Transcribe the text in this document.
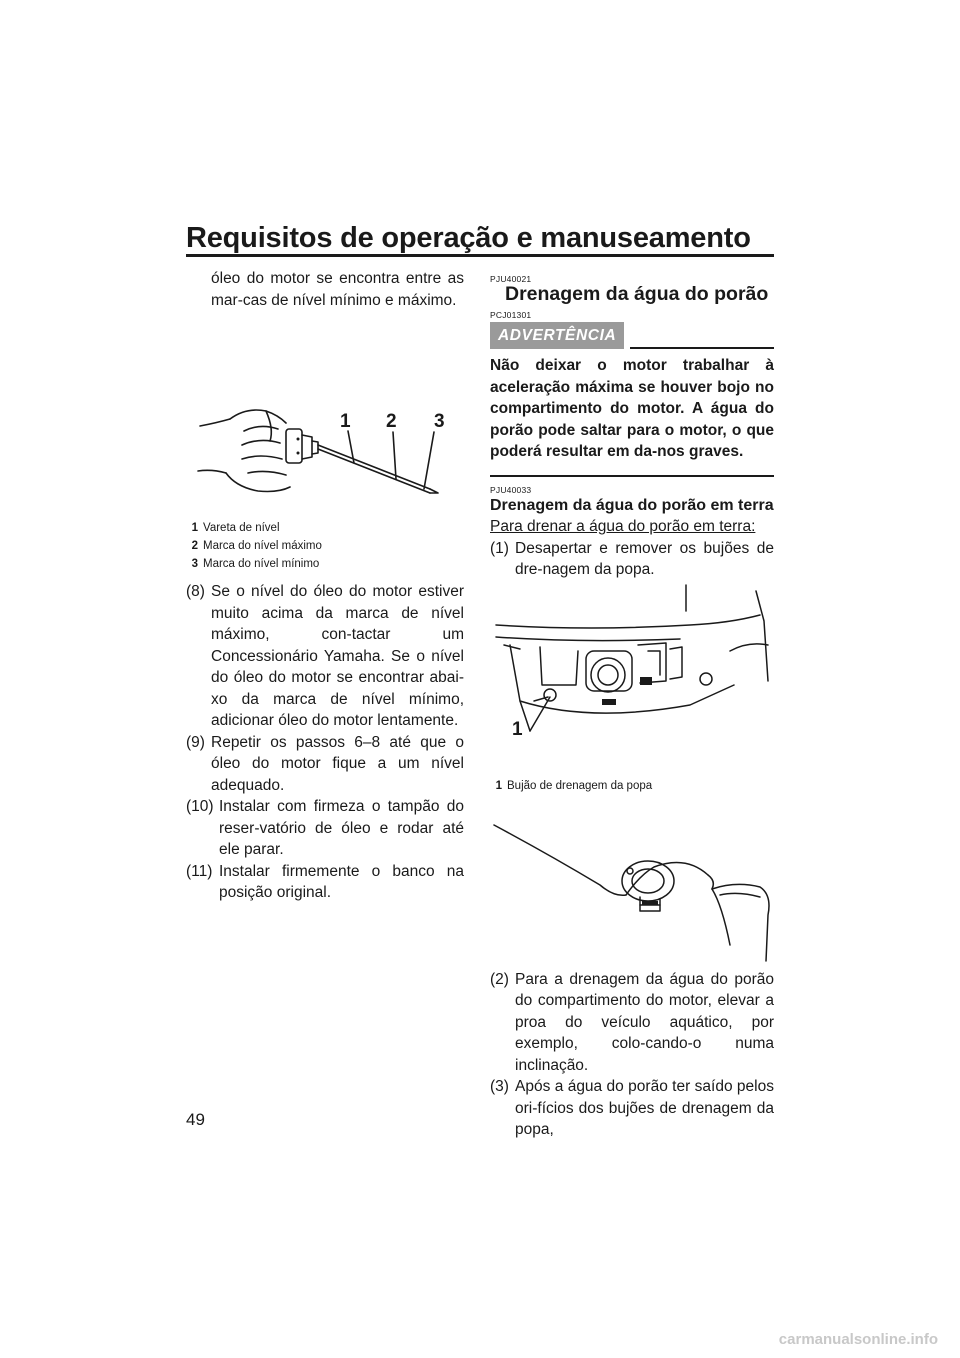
Requisitos de operação e manuseamento

óleo do motor se encontra entre as mar-cas de nível mínimo e máximo.

1 2 3
1 Vareta de nível
2 Marca do nível máximo
3 Marca do nível mínimo
(8) Se o nível do óleo do motor estiver muito acima da marca de nível máximo, con-tactar um Concessionário Yamaha. Se o nível do óleo do motor se encontrar abai-xo da marca de nível mínimo, adicionar óleo do motor lentamente.
(9) Repetir os passos 6–8 até que o óleo do motor fique a um nível adequado.
(10) Instalar com firmeza o tampão do reser-vatório de óleo e rodar até ele parar.
(11) Instalar firmemente o banco na posição original.
PJU40021
Drenagem da água do porão
PCJ01301
ADVERTÊNCIA

Não deixar o motor trabalhar à aceleração máxima se houver bojo no compartimento do motor. A água do porão pode saltar para o motor, o que poderá resultar em da-nos graves.

PJU40033
Drenagem da água do porão em terra
Para drenar a água do porão em terra:
(1) Desapertar e remover os bujões de dre-nagem da popa.
1
1 Bujão de drenagem da popa
(2) Para a drenagem da água do porão do compartimento do motor, elevar a proa do veículo aquático, por exemplo, colo-cando-o numa inclinação.
(3) Após a água do porão ter saído pelos ori-fícios dos bujões de drenagem da popa,
49
carmanualsonline.info
